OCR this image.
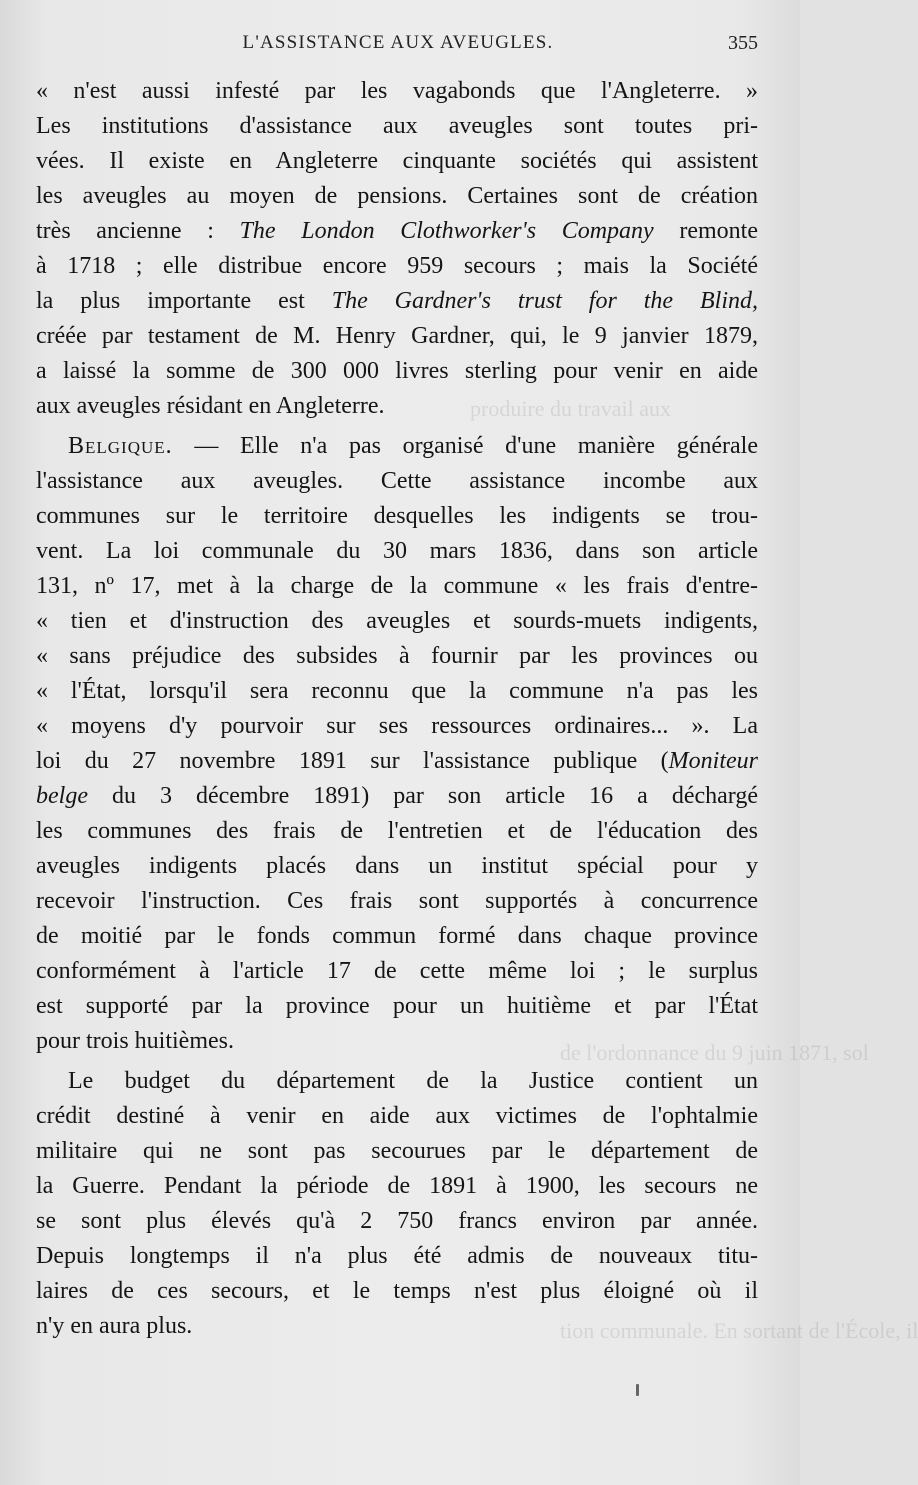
produire du travail aux
de l'ordonnance du 9 juin 1871, sol
tion communale. En sortant de l'École, il
L'ASSISTANCE AUX AVEUGLES.	355
« n'est aussi infesté par les vagabonds que l'Angleterre. »
Les institutions d'assistance aux aveugles sont toutes pri-
vées. Il existe en Angleterre cinquante sociétés qui assistent
les aveugles au moyen de pensions. Certaines sont de création
très ancienne : The London Clothworker's Company remonte
à 1718 ; elle distribue encore 959 secours ; mais la Société
la plus importante est The Gardner's trust for the Blind,
créée par testament de M. Henry Gardner, qui, le 9 janvier 1879,
a laissé la somme de 300 000 livres sterling pour venir en aide
aux aveugles résidant en Angleterre.
Belgique. — Elle n'a pas organisé d'une manière générale
l'assistance aux aveugles. Cette assistance incombe aux
communes sur le territoire desquelles les indigents se trou-
vent. La loi communale du 30 mars 1836, dans son article
131, nº 17, met à la charge de la commune « les frais d'entre-
« tien et d'instruction des aveugles et sourds-muets indigents,
« sans préjudice des subsides à fournir par les provinces ou
« l'État, lorsqu'il sera reconnu que la commune n'a pas les
« moyens d'y pourvoir sur ses ressources ordinaires... ». La
loi du 27 novembre 1891 sur l'assistance publique (Moniteur
belge du 3 décembre 1891) par son article 16 a déchargé
les communes des frais de l'entretien et de l'éducation des
aveugles indigents placés dans un institut spécial pour y
recevoir l'instruction. Ces frais sont supportés à concurrence
de moitié par le fonds commun formé dans chaque province
conformément à l'article 17 de cette même loi ; le surplus
est supporté par la province pour un huitième et par l'État
pour trois huitièmes.
Le budget du département de la Justice contient un
crédit destiné à venir en aide aux victimes de l'ophtalmie
militaire qui ne sont pas secourues par le département de
la Guerre. Pendant la période de 1891 à 1900, les secours ne
se sont plus élevés qu'à 2 750 francs environ par année.
Depuis longtemps il n'a plus été admis de nouveaux titu-
laires de ces secours, et le temps n'est plus éloigné où il
n'y en aura plus.
